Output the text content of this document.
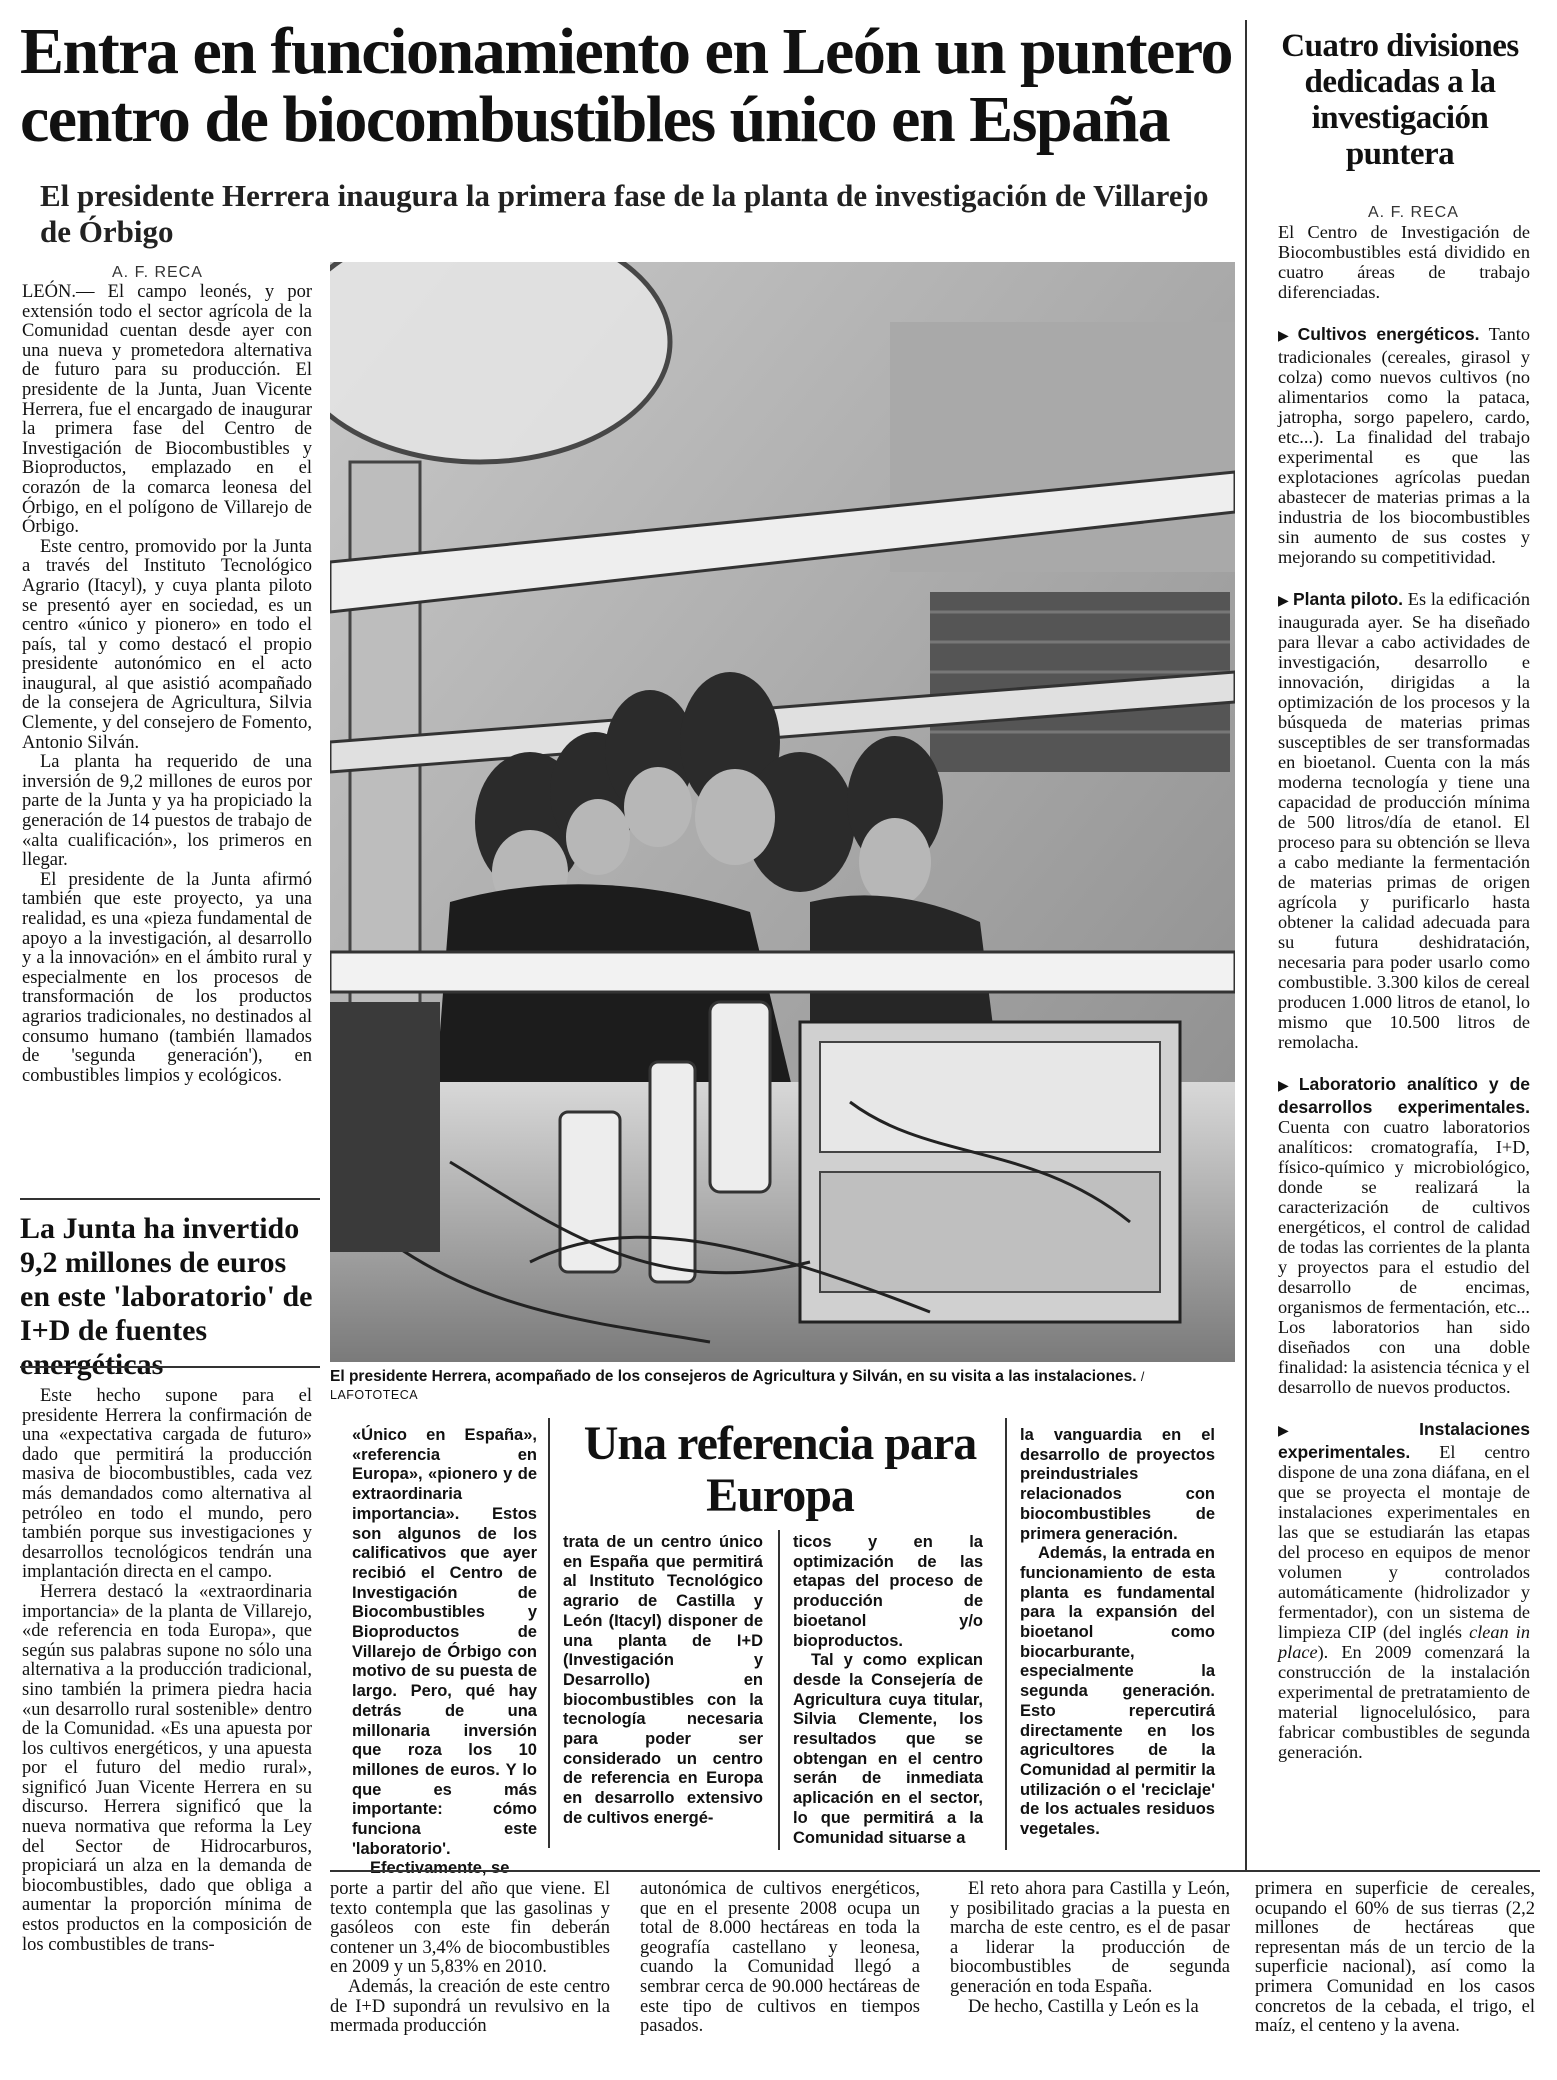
Entra en funcionamiento en León un puntero centro de biocombustibles único en España
El presidente Herrera inaugura la primera fase de la planta de investigación de Villarejo de Órbigo
Cuatro divisiones dedicadas a la investigación puntera
A. F. RECA

El Centro de Investigación de Biocombustibles está dividido en cuatro áreas de trabajo diferenciadas.

▶ Cultivos energéticos. Tanto tradicionales (cereales, girasol y colza) como nuevos cultivos (no alimentarios como la pataca, jatropha, sorgo papelero, cardo, etc...). La finalidad del trabajo experimental es que las explotaciones agrícolas puedan abastecer de materias primas a la industria de los biocombustibles sin aumento de sus costes y mejorando su competitividad.

▶ Planta piloto. Es la edificación inaugurada ayer. Se ha diseñado para llevar a cabo actividades de investigación, desarrollo e innovación, dirigidas a la optimización de los procesos y la búsqueda de materias primas susceptibles de ser transformadas en bioetanol. Cuenta con la más moderna tecnología y tiene una capacidad de producción mínima de 500 litros/día de etanol. El proceso para su obtención se lleva a cabo mediante la fermentación de materias primas de origen agrícola y purificarlo hasta obtener la calidad adecuada para su futura deshidratación, necesaria para poder usarlo como combustible. 3.300 kilos de cereal producen 1.000 litros de etanol, lo mismo que 10.500 litros de remolacha.

▶ Laboratorio analítico y de desarrollos experimentales. Cuenta con cuatro laboratorios analíticos: cromatografía, I+D, físico-químico y microbiológico, donde se realizará la caracterización de cultivos energéticos, el control de calidad de todas las corrientes de la planta y proyectos para el estudio del desarrollo de encimas, organismos de fermentación, etc... Los laboratorios han sido diseñados con una doble finalidad: la asistencia técnica y el desarrollo de nuevos productos.

▶ Instalaciones experimentales. El centro dispone de una zona diáfana, en el que se proyecta el montaje de instalaciones experimentales en las que se estudiarán las etapas del proceso en equipos de menor volumen y controlados automáticamente (hidrolizador y fermentador), con un sistema de limpieza CIP (del inglés clean in place). En 2009 comenzará la construcción de la instalación experimental de pretratamiento de material lignocelulósico, para fabricar combustibles de segunda generación.

A. F. RECA

LEÓN.— El campo leonés, y por extensión todo el sector agrícola de la Comunidad cuentan desde ayer con una nueva y prometedora alternativa de futuro para su producción. El presidente de la Junta, Juan Vicente Herrera, fue el encargado de inaugurar la primera fase del Centro de Investigación de Biocombustibles y Bioproductos, emplazado en el corazón de la comarca leonesa del Órbigo, en el polígono de Villarejo de Órbigo.

Este centro, promovido por la Junta a través del Instituto Tecnológico Agrario (Itacyl), y cuya planta piloto se presentó ayer en sociedad, es un centro «único y pionero» en todo el país, tal y como destacó el propio presidente autonómico en el acto inaugural, al que asistió acompañado de la consejera de Agricultura, Silvia Clemente, y del consejero de Fomento, Antonio Silván.

La planta ha requerido de una inversión de 9,2 millones de euros por parte de la Junta y ya ha propiciado la generación de 14 puestos de trabajo de «alta cualificación», los primeros en llegar.

El presidente de la Junta afirmó también que este proyecto, ya una realidad, es una «pieza fundamental de apoyo a la investigación, al desarrollo y a la innovación» en el ámbito rural y especialmente en los procesos de transformación de los productos agrarios tradicionales, no destinados al consumo humano (también llamados de 'segunda generación'), en combustibles limpios y ecológicos.

La Junta ha invertido 9,2 millones de euros en este 'laboratorio' de I+D de fuentes energéticas

Este hecho supone para el presidente Herrera la confirmación de una «expectativa cargada de futuro» dado que permitirá la producción masiva de biocombustibles, cada vez más demandados como alternativa al petróleo en todo el mundo, pero también porque sus investigaciones y desarrollos tecnológicos tendrán una implantación directa en el campo.

Herrera destacó la «extraordinaria importancia» de la planta de Villarejo, «de referencia en toda Europa», que según sus palabras supone no sólo una alternativa a la producción tradicional, sino también la primera piedra hacia «un desarrollo rural sostenible» dentro de la Comunidad. «Es una apuesta por los cultivos energéticos, y una apuesta por el futuro del medio rural», significó Juan Vicente Herrera en su discurso. Herrera significó que la nueva normativa que reforma la Ley del Sector de Hidrocarburos, propiciará un alza en la demanda de biocombustibles, dado que obliga a aumentar la proporción mínima de estos productos en la composición de los combustibles de trans-

El presidente Herrera, acompañado de los consejeros de Agricultura y Silván, en su visita a las instalaciones. / LAFOTOTECA

«Único en España», «referencia en Europa», «pionero y de extraordinaria importancia». Estos son algunos de los calificativos que ayer recibió el Centro de Investigación de Biocombustibles y Bioproductos de Villarejo de Órbigo con motivo de su puesta de largo. Pero, qué hay detrás de una millonaria inversión que roza los 10 millones de euros. Y lo que es más importante: cómo funciona este 'laboratorio'.

Efectivamente, se

Una referencia para Europa

trata de un centro único en España que permitirá al Instituto Tecnológico agrario de Castilla y León (Itacyl) disponer de una planta de I+D (Investigación y Desarrollo) en biocombustibles con la tecnología necesaria para poder ser considerado un centro de referencia en Europa en desarrollo extensivo de cultivos energé-

ticos y en la optimización de las etapas del proceso de producción de bioetanol y/o bioproductos.

Tal y como explican desde la Consejería de Agricultura cuya titular, Silvia Clemente, los resultados que se obtengan en el centro serán de inmediata aplicación en el sector, lo que permitirá a la Comunidad situarse a

la vanguardia en el desarrollo de proyectos preindustriales relacionados con biocombustibles de primera generación.

Además, la entrada en funcionamiento de esta planta es fundamental para la expansión del bioetanol como biocarburante, especialmente la segunda generación. Esto repercutirá directamente en los agricultores de la Comunidad al permitir la utilización o el 'reciclaje' de los actuales residuos vegetales.

porte a partir del año que viene. El texto contempla que las gasolinas y gasóleos con este fin deberán contener un 3,4% de biocombustibles en 2009 y un 5,83% en 2010.

Además, la creación de este centro de I+D supondrá un revulsivo en la mermada producción

autonómica de cultivos energéticos, que en el presente 2008 ocupa un total de 8.000 hectáreas en toda la geografía castellano y leonesa, cuando la Comunidad llegó a sembrar cerca de 90.000 hectáreas de este tipo de cultivos en tiempos pasados.

El reto ahora para Castilla y León, y posibilitado gracias a la puesta en marcha de este centro, es el de pasar a liderar la producción de biocombustibles de segunda generación en toda España.

De hecho, Castilla y León es la

primera en superficie de cereales, ocupando el 60% de sus tierras (2,2 millones de hectáreas que representan más de un tercio de la superficie nacional), así como la primera Comunidad en los casos concretos de la cebada, el trigo, el maíz, el centeno y la avena.
